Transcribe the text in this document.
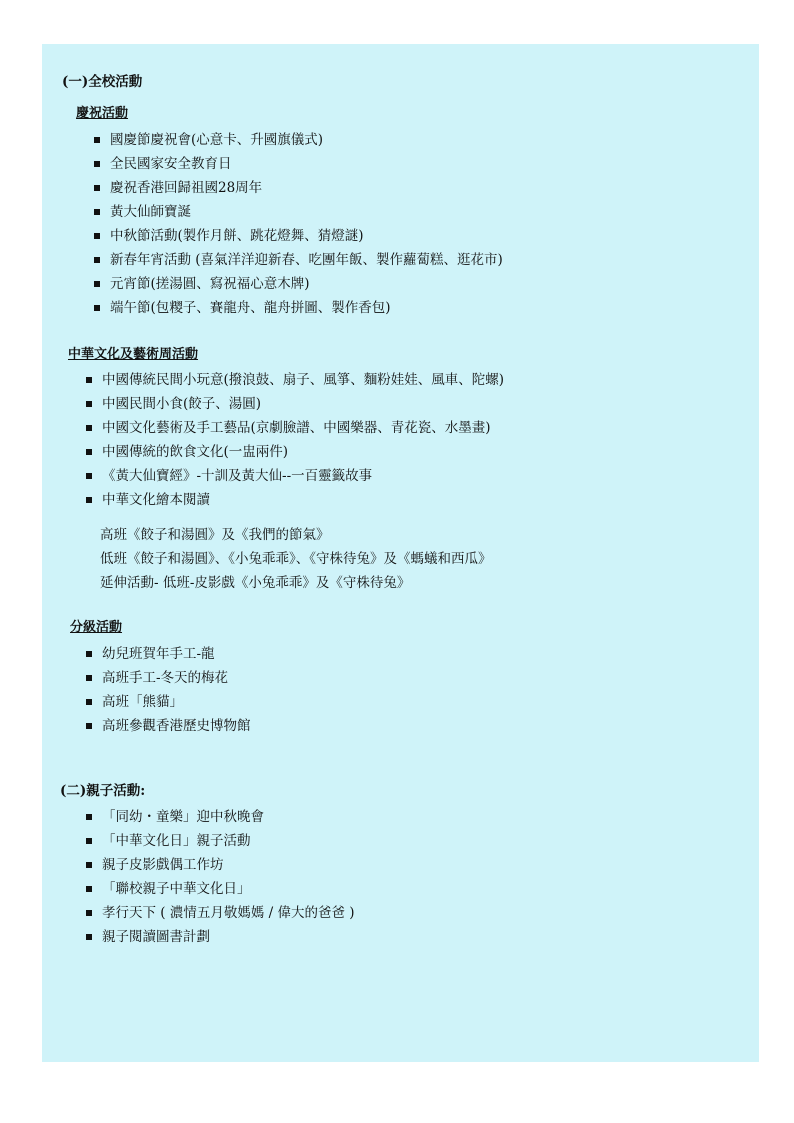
(一)全校活動
慶祝活動
國慶節慶祝會(心意卡、升國旗儀式)
全民國家安全教育日
慶祝香港回歸祖國28周年
黃大仙師寶誕
中秋節活動(製作月餅、跳花燈舞、猜燈謎)
新春年宵活動 (喜氣洋洋迎新春、吃團年飯、製作蘿蔔糕、逛花市)
元宵節(搓湯圓、寫祝福心意木牌)
端午節(包糭子、賽龍舟、龍舟拼圖、製作香包)
中華文化及藝術周活動
中國傳統民間小玩意(撥浪鼓、扇子、風箏、麵粉娃娃、風車、陀螺)
中國民間小食(餃子、湯圓)
中國文化藝術及手工藝品(京劇臉譜、中國樂器、青花瓷、水墨畫)
中國傳統的飲食文化(一盅兩件)
《黃大仙寶經》-十訓及黃大仙--一百靈籤故事
中華文化繪本閱讀
高班《餃子和湯圓》及《我們的節氣》
低班《餃子和湯圓》、《小兔乖乖》、《守株待兔》及《螞蟻和西瓜》
延伸活動- 低班-皮影戲《小兔乖乖》及《守株待兔》
分級活動
幼兒班賀年手工-龍
高班手工-冬天的梅花
高班「熊貓」
高班參觀香港歷史博物館
(二)親子活動:
「同幼・童樂」迎中秋晚會
「中華文化日」親子活動
親子皮影戲偶工作坊
「聯校親子中華文化日」
孝行天下 ( 濃情五月敬媽媽 / 偉大的爸爸 )
親子閱讀圖書計劃
